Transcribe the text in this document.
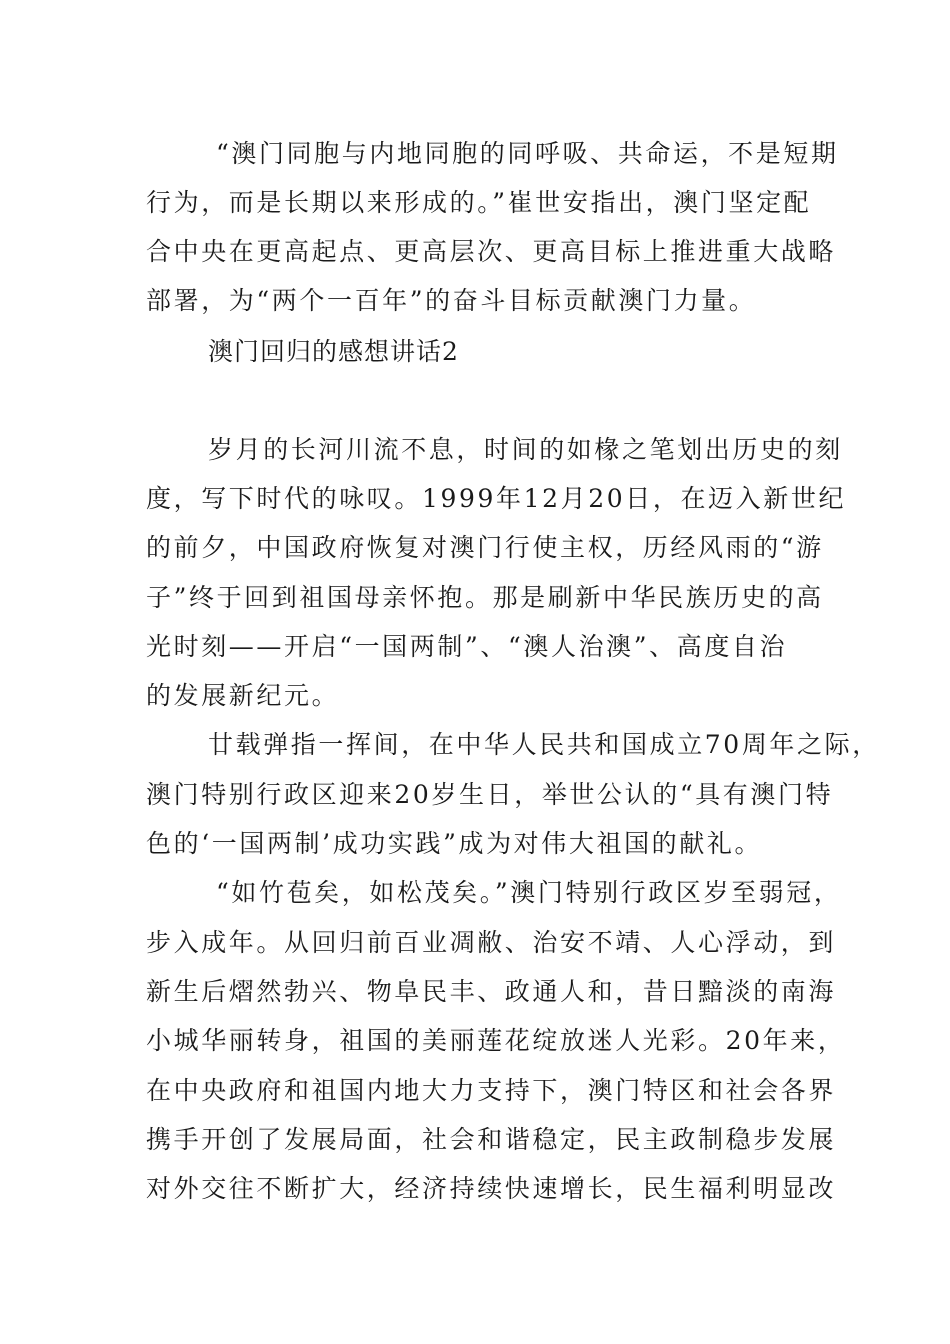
“澳门同胞与内地同胞的同呼吸、共命运，不是短期
行为，而是长期以来形成的。”崔世安指出，澳门坚定配
合中央在更高起点、更高层次、更高目标上推进重大战略
部署，为“两个一百年”的奋斗目标贡献澳门力量。
澳门回归的感想讲话2
岁月的长河川流不息，时间的如椽之笔划出历史的刻
度，写下时代的咏叹。1999年12月20日，在迈入新世纪
的前夕，中国政府恢复对澳门行使主权，历经风雨的“游
子”终于回到祖国母亲怀抱。那是刷新中华民族历史的高
光时刻——开启“一国两制”、“澳人治澳”、高度自治
的发展新纪元。
廿载弹指一挥间，在中华人民共和国成立70周年之际，
澳门特别行政区迎来20岁生日，举世公认的“具有澳门特
色的‘一国两制’成功实践”成为对伟大祖国的献礼。
“如竹苞矣，如松茂矣。”澳门特别行政区岁至弱冠，
步入成年。从回归前百业凋敝、治安不靖、人心浮动，到
新生后熠然勃兴、物阜民丰、政通人和，昔日黯淡的南海
小城华丽转身，祖国的美丽莲花绽放迷人光彩。20年来，
在中央政府和祖国内地大力支持下，澳门特区和社会各界
携手开创了发展局面，社会和谐稳定，民主政制稳步发展
对外交往不断扩大，经济持续快速增长，民生福利明显改
